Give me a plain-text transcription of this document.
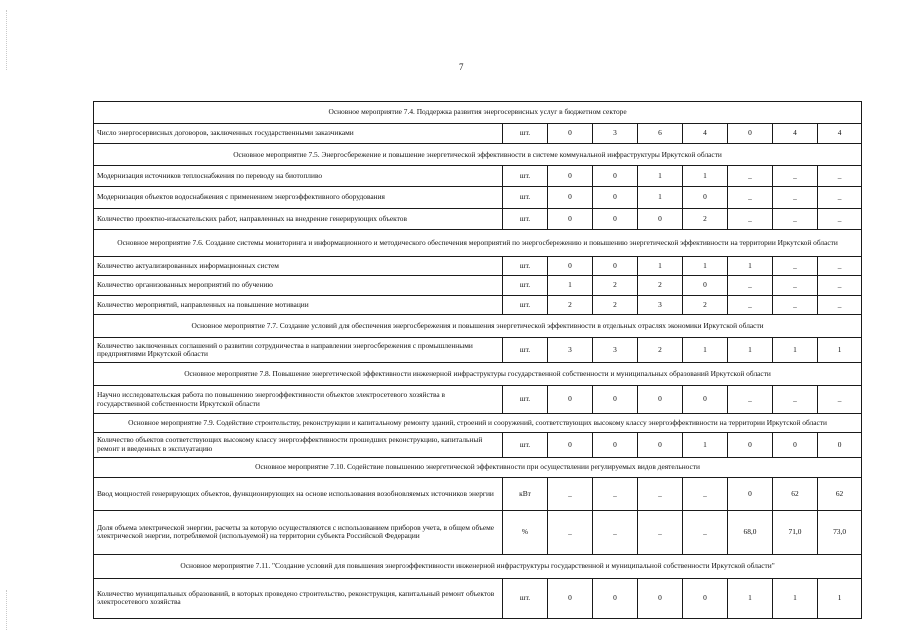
7
Основное мероприятие 7.4. Поддержка развития энергосервисных услуг в бюджетном секторе								
Число энергосервисных договоров, заключенных государственными заказчиками	шт.	0	3	6	4	0	4	4
Основное мероприятие 7.5. Энергосбережение и повышение энергетической эффективности в системе коммунальной инфраструктуры Иркутской области								
Модернизация источников теплоснабжения по переводу на биотопливо	шт.	0	0	1	1	_	_	_
Модернизация объектов водоснабжения с применением энергоэффективного оборудования	шт.	0	0	1	0	_	_	_
Количество проектно-изыскательских работ, направленных на внедрение генерирующих объектов	шт.	0	0	0	2	_	_	_
Основное мероприятие 7.6. Создание системы мониторинга и информационного и методического обеспечения мероприятий по энергосбережению и повышению энергетической эффективности на территории Иркутской области								
Количество актуализированных информационных систем	шт.	0	0	1	1	1	_	_
Количество организованных мероприятий по обучению	шт.	1	2	2	0	_	_	_
Количество мероприятий, направленных на повышение мотивации	шт.	2	2	3	2	_	_	_
Основное мероприятие 7.7. Создание условий для обеспечения энергосбережения и повышения энергетической эффективности в отдельных отраслях экономики Иркутской области								
Количество заключенных соглашений о развитии сотрудничества в направлении энергосбережения с промышленными предприятиями Иркутской области	шт.	3	3	2	1	1	1	1
Основное мероприятие 7.8. Повышение энергетической эффективности инженерной инфраструктуры государственной собственности и муниципальных образований Иркутской области								
Научно исследовательская работа по повышению энергоэффективности объектов электросетевого хозяйства в государственной собственности Иркутской области	шт.	0	0	0	0	_	_	_
Основное мероприятие 7.9. Содействие строительству, реконструкции и капитальному ремонту зданий, строений и сооружений, соответствующих высокому классу энергоэффективности на территории Иркутской области								
Количество объектов соответствующих высокому классу энергоэффективности прошедших реконструкцию, капитальный ремонт и введенных в эксплуатацию	шт.	0	0	0	1	0	0	0
Основное мероприятие 7.10. Содействие повышению энергетической эффективности при осуществлении регулируемых видов деятельности								
Ввод мощностей генерирующих объектов, функционирующих на основе использования возобновляемых источников энергии	кВт	_	_	_	_	0	62	62
Доля объема электрической энергии, расчеты за которую осуществляются с использованием приборов учета, в общем объеме электрической энергии, потребляемой (используемой) на территории субъекта Российской Федерации	%	_	_	_	_	68,0	71,0	73,0
Основное мероприятие 7.11. "Создание условий для повышения энергоэффективности инженерной инфраструктуры государственной и муниципальной собственности Иркутской области"								
Количество муниципальных образований, в которых проведено строительство, реконструкция, капитальный ремонт объектов электросетевого хозяйства	шт.	0	0	0	0	1	1	1
